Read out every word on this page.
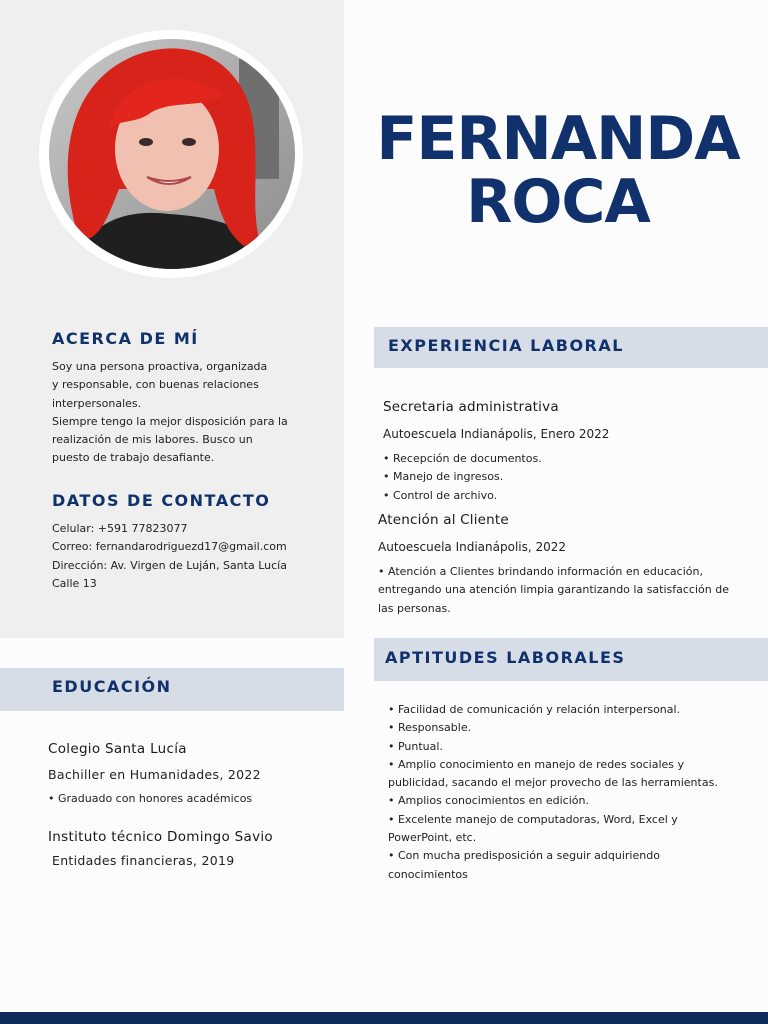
FERNANDA
ROCA
ACERCA DE MÍ
Soy una persona proactiva, organizada
y responsable, con buenas relaciones
interpersonales.
Siempre tengo la mejor disposición para la
realización de mis labores. Busco un
puesto de trabajo desafiante.
DATOS DE CONTACTO
Celular: +591 77823077
Correo: fernandarodriguezd17@gmail.com
Dirección: Av. Virgen de Luján, Santa Lucía
Calle 13
EDUCACIÓN
Colegio Santa Lucía
Bachiller en Humanidades, 2022
• Graduado con honores académicos
Instituto técnico Domingo Savio
Entidades financieras, 2019
EXPERIENCIA LABORAL
Secretaria administrativa
Autoescuela Indianápolis, Enero 2022
• Recepción de documentos.
• Manejo de ingresos.
• Control de archivo.
Atención al Cliente
Autoescuela Indianápolis, 2022
• Atención a Clientes brindando información en educación,
entregando una atención limpia garantizando la satisfacción de
las personas.
APTITUDES LABORALES
• Facilidad de comunicación y relación interpersonal.
• Responsable.
• Puntual.
• Amplio conocimiento en manejo de redes sociales y
publicidad, sacando el mejor provecho de las herramientas.
• Amplios conocimientos en edición.
• Excelente manejo de computadoras, Word, Excel y
PowerPoint, etc.
• Con mucha predisposición a seguir adquiriendo
conocimientos
